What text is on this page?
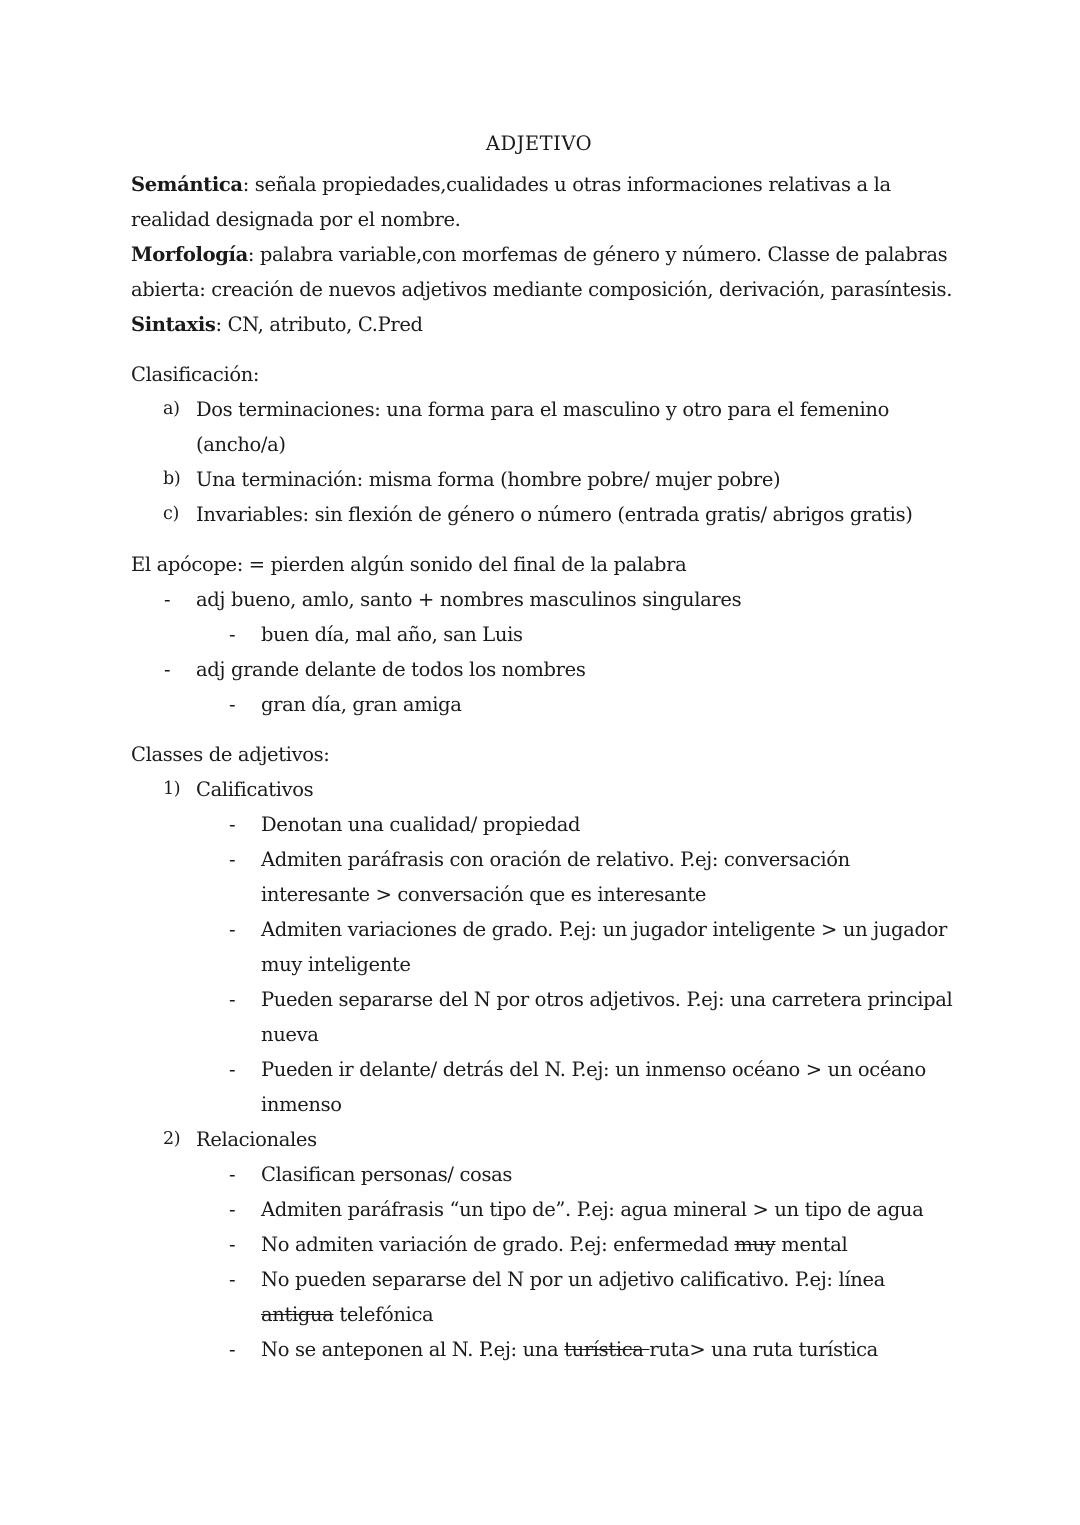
ADJETIVO

Semántica: señala propiedades,cualidades u otras informaciones relativas a la realidad designada por el nombre.

Morfología: palabra variable,con morfemas de género y número. Classe de palabras abierta: creación de nuevos adjetivos mediante composición, derivación, parasíntesis.

Sintaxis: CN, atributo, C.Pred

Clasificación:

a) Dos terminaciones: una forma para el masculino y otro para el femenino (ancho/a)
b) Una terminación: misma forma (hombre pobre/ mujer pobre)
c) Invariables: sin flexión de género o número (entrada gratis/ abrigos gratis)

El apócope: = pierden algún sonido del final de la palabra

- adj bueno, amlo, santo + nombres masculinos singulares
- buen día, mal año, san Luis
- adj grande delante de todos los nombres
- gran día, gran amiga

Classes de adjetivos:

1) Calificativos
- Denotan una cualidad/ propiedad
- Admiten paráfrasis con oración de relativo. P.ej: conversación interesante > conversación que es interesante
- Admiten variaciones de grado. P.ej: un jugador inteligente > un jugador muy inteligente
- Pueden separarse del N por otros adjetivos. P.ej: una carretera principal nueva
- Pueden ir delante/ detrás del N. P.ej: un inmenso océano > un océano inmenso
2) Relacionales
- Clasifican personas/ cosas
- Admiten paráfrasis “un tipo de”. P.ej: agua mineral > un tipo de agua
- No admiten variación de grado. P.ej: enfermedad muy mental
- No pueden separarse del N por un adjetivo calificativo. P.ej: línea antigua telefónica
- No se anteponen al N. P.ej: una turística ruta> una ruta turística
